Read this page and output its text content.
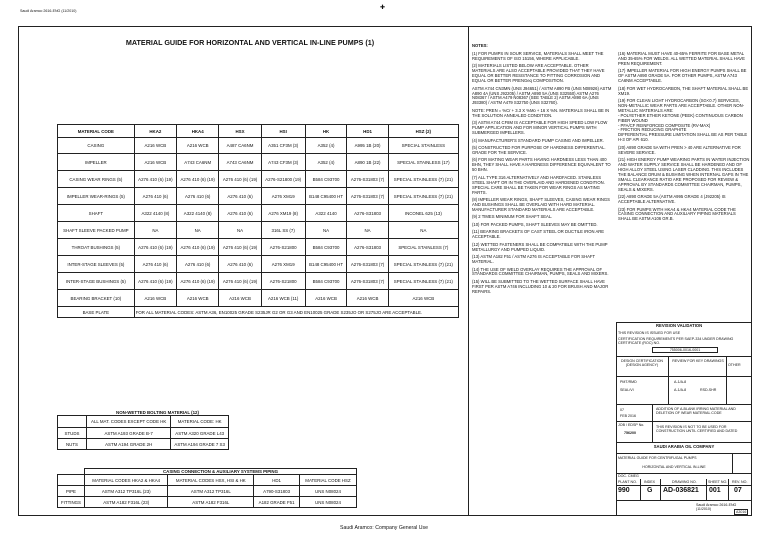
Saudi Aramco 2616-ENG (11/2010)	✚
MATERIAL GUIDE FOR HORIZONTAL AND VERTICAL IN-LINE PUMPS (1)
MATERIAL CODE	HKA2	HKA4	HSX	HSI	HK	HD1	HSZ (2)
CASING	A216 WCB	A216 WCB	A487 CA6NM	A351 CF3M (3)	A352 (4)	A995 1B (20)	SPECIAL STAINLESS
IMPELLER	A216 WCB	A743 CA6NM	A743 CA6NM	A743 CF3M (3)	A352 (4)	A890 1B (22)	SPECIAL STAINLESS (17)
CASING WEAR RINGS (5)	A276 410 (6) (19)	A276 410 (6) (19)	A276 410 (6) (19)	A276-S21800 (19)	B584 C93700	A276-S31803 (7)	SPECIAL STAINLESS (7) (21)
IMPELLER WEAR-RINGS (5)	A276 410 (6)	A276 410 (6)	A276 410 (6)	A276 XM19	B148 C95400 HT	A276-S31803 (7)	SPECIAL STAINLESS (7) (21)
SHAFT	A322 4140 (8)	A322 4140 (8)	A276 410 (6)	A276 XM19 (8)	A322 4140	A276-S31803	INCONEL 625 (13)
SHAFT SLEEVE PACKED PUMP	NA	NA	NA	316L SS (7)	NA	NA	NA
THROAT BUSHINGS (5)	A276 410 (6) (19)	A276 410 (6) (19)	A276 410 (6) (19)	A276-S21800	B584 C93700	A276-S31803	SPECIAL STAINLESS (7)
INTER-STAGE SLEEVES (5)	A276 410 (6)	A276 410 (6)	A276 410 (6)	A276 XM19	B148 C95400 HT	A276-S31803 (7)	SPECIAL STAINLESS (7) (21)
INTER-STAGE BUSHINGS (5)	A276 410 (6) (19)	A276 410 (6) (19)	A276 410 (6) (19)	A276-S21800	B584 C93700	A276-S31803 (7)	SPECIAL STAINLESS (7) (21)
BEARING BRACKET (10)	A216 WCB	A216 WCB	A216 WCB	A216 WCB (11)	A216 WCB	A216 WCB	A216 WCB
BASE PLATE	FOR ALL MATERIAL CODES: ASTM A36, EN10025 GRADE S235JR G2 OR G3 AND EN10025 GRADE S235JO OR S275JO ARE ACCEPTABLE.						
	NON-WETTED BOLTING MATERIAL (12)	
	ALL MAT. CODES EXCEPT CODE HK	MATERIAL CODE: HK
STUDS	ASTM A193 GRADE B-7	ASTM A320 GRADE L43
NUTS	ASTM A194 GRADE 2H	ASTM A194 GRADE 7 S3
	CASING CONNECTION & AUXILIARY SYSTEMS PIPING			
	MATERIAL CODES HKA2 & HKA4	MATERIAL CODES HSX, HSI & HK	HD1	MATERIAL CODE HSZ
PIPE	ASTM A312 TP316L (23)	ASTM A312 TP316L	A790-S31803	UNS N08024
FITTINGS	ASTM A182 F316L (23)	ASTM A182 F316L	A182 GRADE F51	UNS N08024
NOTES:

(1) FOR PUMPS IN SOUR SERVICE, MATERIALS SHALL MEET THE REQUIREMENTS OF ISO 15156, WHERE APPLICABLE.

(2) MATERIALS LISTED BELOW ARE ACCEPTABLE. OTHER MATERIALS ARE ALSO ACCEPTABLE PROVIDED THAT THEY HAVE EQUAL OR BETTER RESISTANCE TO PITTING CORROSION AND EQUAL OR BETTER PRENGeq COMPOSITION.

ASTM A744 CN3MN (UNS J94651) / ASTM A890 FB (UNS N08926) ASTM A890 4A (UNS J92205) / ASTM A890 5A (UNS S32550) ASTM A276 N08367 / ASTM A479 N08367 (SEE TABLE 2) ASTM A890 6A (UNS J93380) / ASTM A479 S32750 (UNS S32760).

NOTE: PREN = %Cr + 3.3 X %Mo + 16 X %N. MATERIALS SHALL BE IN THE SOLUTION ANNEALED CONDITION.

(3) ASTM A744 CF8M IS ACCEPTABLE FOR HIGH SPEED LOW FLOW PUMP APPLICATION AND FOR MINOR VERTICAL PUMPS WITH SUBMERGED IMPELLERS.

(4) MANUFACTURER'S STANDARD PUMP CASING AND IMPELLER.

(5) CONSTRUCTED FOR PURPOSE OF HARDNESS DIFFERENTIAL. GRADE FOR THE SERVICE.

(6) FOR MATING WEAR PARTS HAVING HARDNESS LESS THAN 400 BHN, THEY SHALL HAVE A HARDNESS DIFFERENCE EQUIVALENT TO 50 BHN.

(7) ALL TYPE 316 ALTERNATIVELY AND HARDFACED. STAINLESS STEEL SHAFT OR IN THE OVERLAID AND HARDENED CONDITION. SPECIAL CARE SHALL BE TAKEN FOR WEAR RINGS AS MATING PARTS.

(8) IMPELLER WEAR RINGS, SHAFT SLEEVES, CASING WEAR RINGS AND BUSHINGS SHALL BE OVERLAID WITH HARD MATERIAL. MANUFACTURER STANDARD MATERIALS ARE ACCEPTABLE.

(9) 2 TIMES MINIMUM FOR SHAFT SEAL.

(10) FOR PACKED PUMPS, SHAFT SLEEVES MAY BE OMITTED.

(11) BEARING BRACKETS OF CAST STEEL OR DUCTILE IRON ARE ACCEPTABLE.

(12) WETTED FASTENERS SHALL BE COMPATIBLE WITH THE PUMP METALLURGY AND PUMPED LIQUID.

(13) ASTM A182 F51 / ASTM A276 IS ACCEPTABLE FOR SHAFT MATERIAL.

(14) THE USE OF WELD OVERLAY REQUIRES THE APPROVAL OF STANDARDS COMMITTEE CHAIRMAN, PUMPS, SEALS AND MIXERS.

(15) WILL BE SUBMITTED TO THE WETTED SURFACE SHALL HAVE FIRST PER ASTM A746 INCLUDING 10 & 20 FOR BRUSH AND MAJOR REPAIRS.

(16) MATERIAL MUST HAVE 40-65% FERRITE FOR BASE METAL AND 35-65% FOR WELDS. ALL WETTED MATERIAL SHALL HAVE PREN REQUIREMENT.

(17) IMPELLER MATERIAL FOR HIGH ENERGY PUMPS SHALL BE OF ASTM A890 GRADE 5A. FOR OTHER PUMPS, ASTM A743 CA6NM ACCEPTABLE.

(18) FOR WET HYDROCARBON, THE SHAFT MATERIAL SHALL BE XM19.

(19) FOR CLEAN LIGHT HYDROCARBON (SG<0.7) SERVICES, NON-METALLIC WEAR PARTS ARE ACCEPTABLE. OTHER NON-METALLIC MATERIALS ARE:
- POLYETHER ETHER KETONE (PEEK) CONTINUOUS CARBON FIBER WOUND
- PFA/CF REINFORCED COMPOSITE (RV-MAX)
- FRICTION REDUCING GRAPHITE
DIFFERENTIAL PRESSURE LIMITATION SHALL BE AS PER TABLE H-3 OF API 610.

(20) A890 GRADE 5A WITH PREN > 40 ARE ALTERNATIVE FOR SEVERE SERVICE.

(21) HIGH ENERGY PUMP WEARING PARTS IN WATER INJECTION AND WATER SUPPLY SERVICE SHALL BE HARDENED AND OF HIGH ALLOY STEEL USING LASER CLADDING. THIS INCLUDES THE BALANCE DRUM & BUSHING WHEN INTERNAL GAPS IN THE SMALL CLEARANCE RATIO ARE PROPOSED FOR REVIEW & APPROVAL BY STANDARDS COMMITTEE CHAIRMAN, PUMPS, SEALS & MIXERS.

(22) A890 GRADE 5A (ASTM A995 GRADE 4 (J92205) IS ACCEPTABLE ALTERNATIVE.

(23) FOR PUMPS WITH HKA4 & HKA4 MATERIAL CODE THE CASING CONNECTION AND AUXILIARY PIPING MATERIALS SHALL BE ASTM A106 GR.B.

REVISION VALIDATION
THIS REVISION IS ISSUED FOR USE
CERTIFICATION REQUIREMENTS PER SAEP-334 UNDER DRAWING CERTIFICATE (ROC) NO.
755006-0016-0001
DESIGN CERTIFICATION (DESIGN AGENCY)
REVIEW FOR KEY DRAWINGS
OTHER
PMT/RMD	A-1/A-8
SEAL/VI	A-1/A-8	RSD-SHR
07
FEB 2016
ADDITION OF A-BLANK IRRING MATERIAL AND DELETION OF WEAR MATERIAL CODE
JOB / EDSP No.
756200
THIS REVISION IS NOT TO BE USED FOR CONSTRUCTION UNTIL CERTIFIED AND DATED
SAUDI ARABIA OIL COMPANY
MATERIAL GUIDE FOR CENTRIFUGAL PUMPS
HORIZONTAL AND VERTICAL IN-LINE
DOC. CMEG
PLANT NO. INDEX	DRAWING NO.	SHEET NO. REV. NO.
990 G AD-036821 001 07
Saudi Aramco 2616-ENG (11/2010)
A3016
Saudi Aramco: Company General Use
